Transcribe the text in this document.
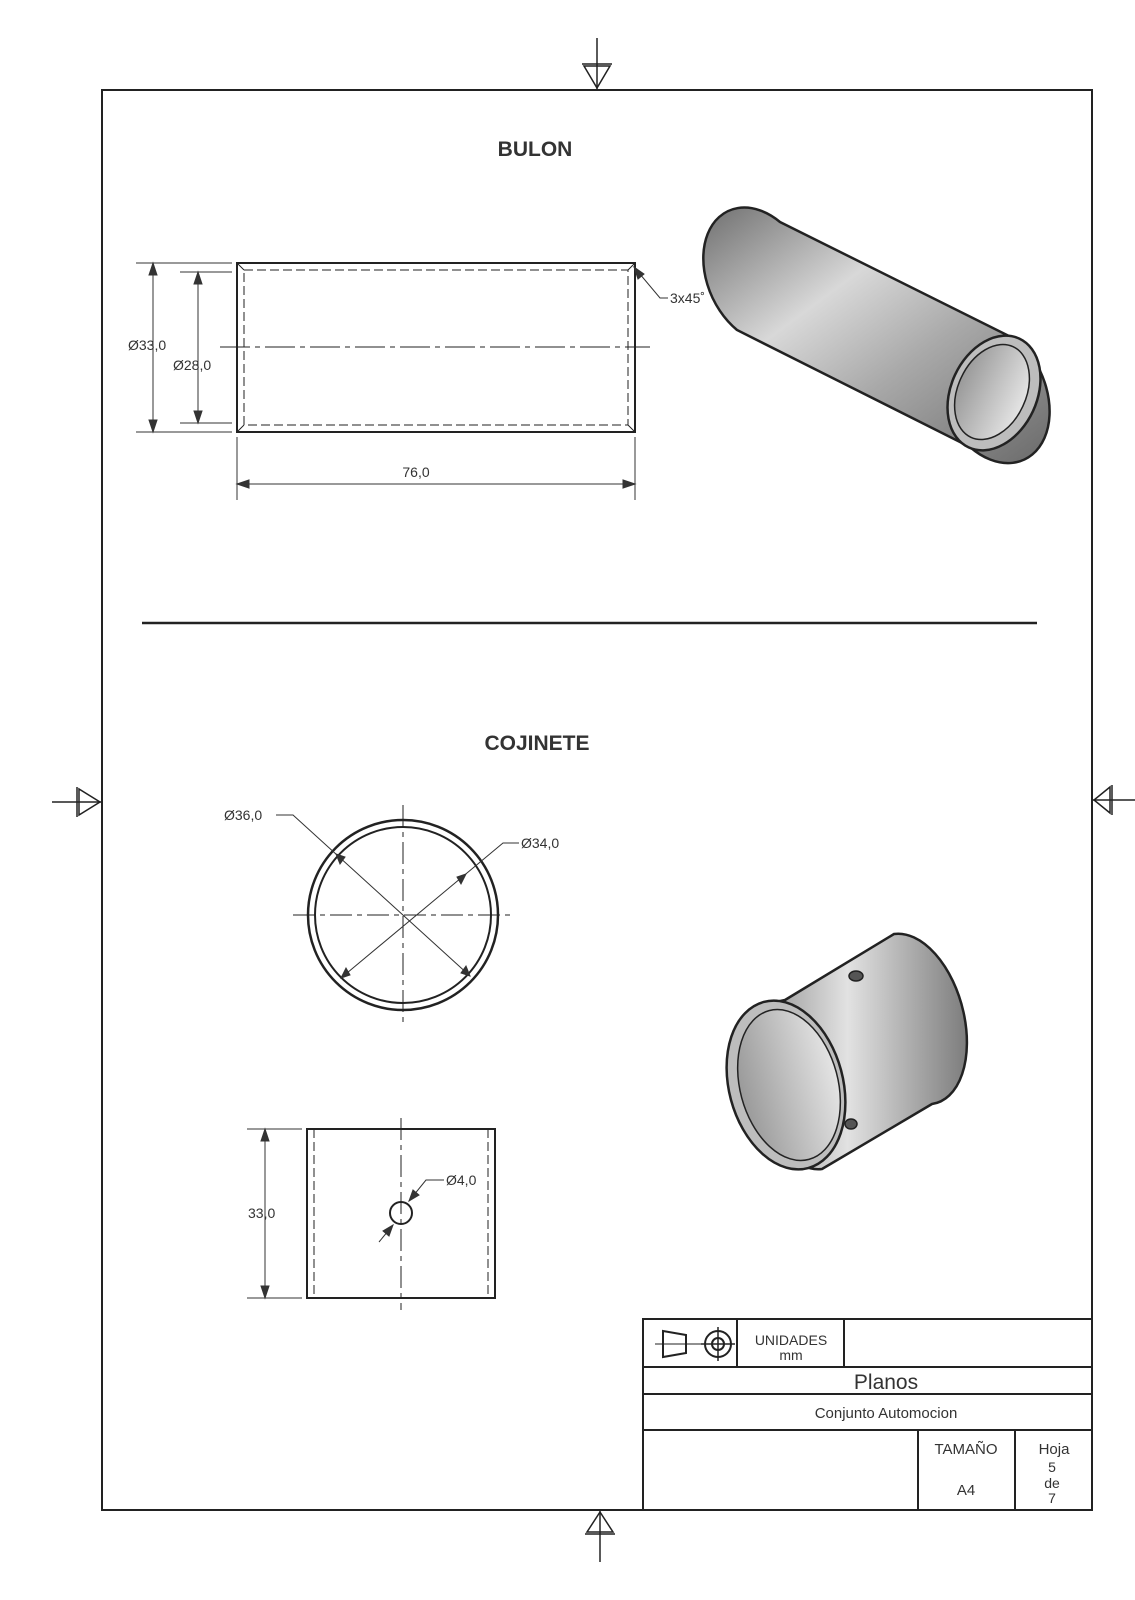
BULON
Ø33,0
Ø28,0
3x45˚
76,0
COJINETE
Ø36,0
Ø34,0
Ø4,0
33,0
UNIDADES
mm
Planos
Conjunto Automocion
TAMAÑO
A4
Hoja
5
de
7
